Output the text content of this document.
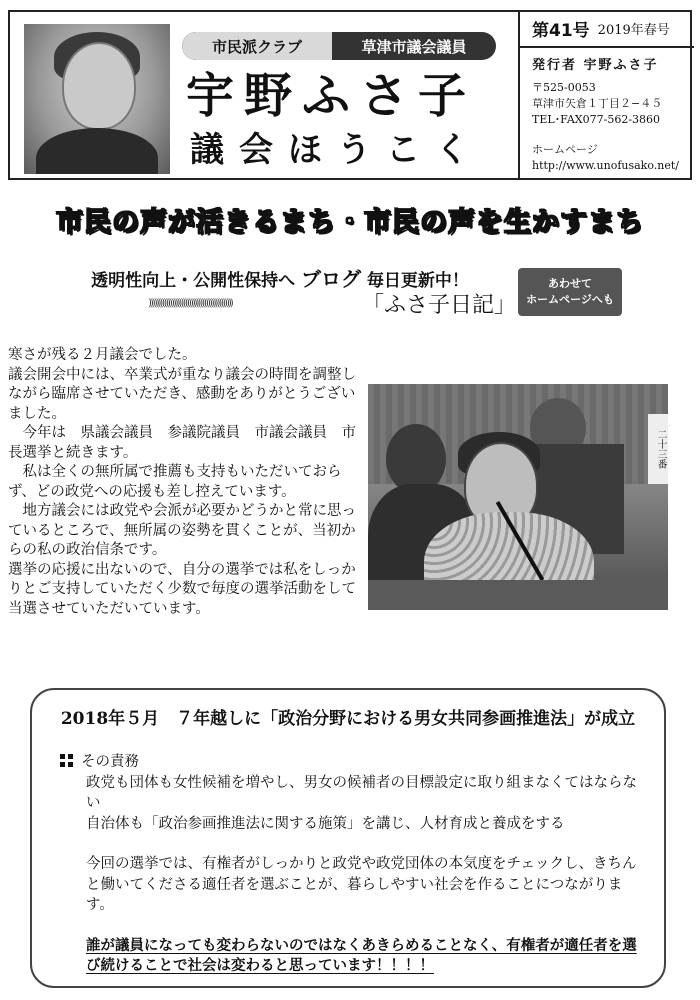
市民派クラブ	草津市議会議員
宇野ふさ子
議会ほうこく
第41号 2019年春号
発行者 宇野ふさ子
〒525-0053
草津市矢倉１丁目２−４５
TEL･FAX077-562-3860
ホームページ
http://www.unofusako.net/
市民の声が活きるまち・市民の声を生かすまち
透明性向上・公開性保持へ ブログ 毎日更新中！
))))))))))))))))))))))))))))))))))))))))))))	「ふさ子日記」
あわせて
ホームページへも

寒さが残る２月議会でした。

議会開会中には、卒業式が重なり議会の時間を調整しながら臨席させていただき、感動をありがとうございました。

　今年は　県議会議員　参議院議員　市議会議員　市長選挙と続きます。

　私は全くの無所属で推薦も支持もいただいておらず、どの政党への応援も差し控えています。

　地方議会には政党や会派が必要かどうかと常に思っているところで、無所属の姿勢を貫くことが、当初からの私の政治信条です。

選挙の応援に出ないので、自分の選挙では私をしっかりとご支持していただく少数で毎度の選挙活動をして当選させていただいています。

二十三番
2018年５月　７年越しに「政治分野における男女共同参画推進法」が成立

その責務

政党も団体も女性候補を増やし、男女の候補者の目標設定に取り組まなくてはならない

自治体も「政治参画推進法に関する施策」を講じ、人材育成と養成をする

今回の選挙では、有権者がしっかりと政党や政党団体の本気度をチェックし、きちんと働いてくださる適任者を選ぶことが、暮らしやすい社会を作ることにつながります。

誰が議員になっても変わらないのではなくあきらめることなく、有権者が適任者を選び続けることで社会は変わると思っています！！！！
